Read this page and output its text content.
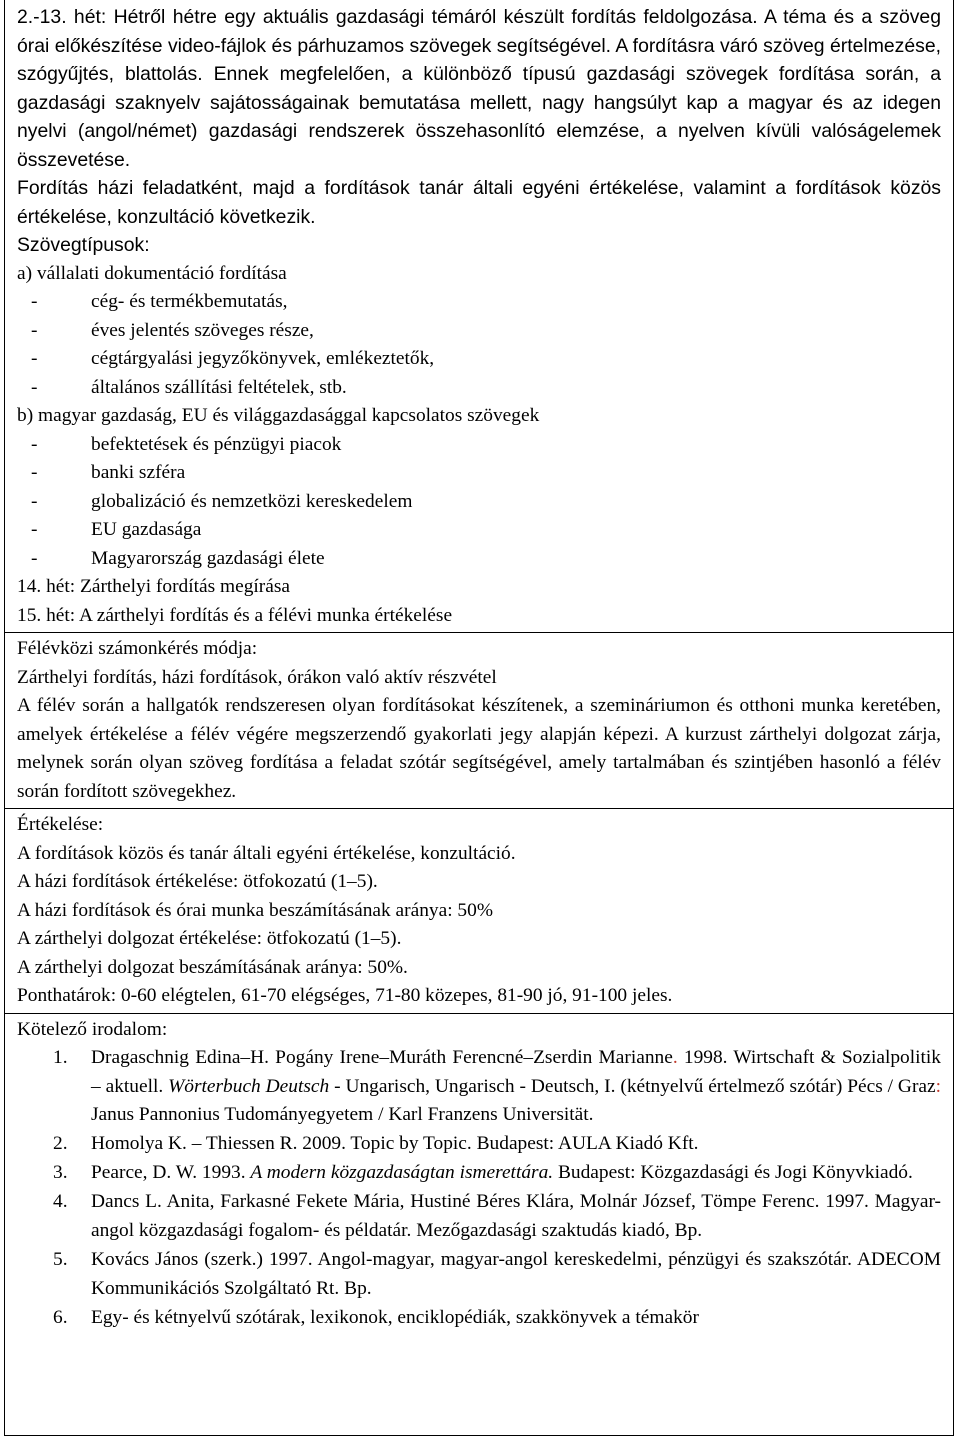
2.-13. hét: Hétről hétre egy aktuális gazdasági témáról készült fordítás feldolgozása. A téma és a szöveg órai előkészítése video-fájlok és párhuzamos szövegek segítségével. A fordításra váró szöveg értelmezése, szógyűjtés, blattolás. Ennek megfelelően, a különböző típusú gazdasági szövegek fordítása során, a gazdasági szaknyelv sajátosságainak bemutatása mellett, nagy hangsúlyt kap a magyar és az idegen nyelvi (angol/német) gazdasági rendszerek összehasonlító elemzése, a nyelven kívüli valóságelemek összevetése.

Fordítás házi feladatként, majd a fordítások tanár általi egyéni értékelése, valamint a fordítások közös értékelése, konzultáció következik.

Szövegtípusok:

a) vállalati dokumentáció fordítása

-	cég- és termékbemutatás,
-	éves jelentés szöveges része,
-	cégtárgyalási jegyzőkönyvek, emlékeztetők,
-	általános szállítási feltételek, stb.

b) magyar gazdaság, EU és világgazdasággal kapcsolatos szövegek

-	befektetések és pénzügyi piacok
-	banki szféra
-	globalizáció és nemzetközi kereskedelem
-	EU gazdasága
-	Magyarország gazdasági élete

14. hét: Zárthelyi fordítás megírása

15. hét: A zárthelyi fordítás és a félévi munka értékelése

Félévközi számonkérés módja:

Zárthelyi fordítás, házi fordítások, órákon való aktív részvétel

A félév során a hallgatók rendszeresen olyan fordításokat készítenek, a szemináriumon és otthoni munka keretében, amelyek értékelése a félév végére megszerzendő gyakorlati jegy alapján képezi. A kurzust zárthelyi dolgozat zárja, melynek során olyan szöveg fordítása a feladat szótár segítségével, amely tartalmában és szintjében hasonló a félév során fordított szövegekhez.

Értékelése:

A fordítások közös és tanár általi egyéni értékelése, konzultáció.

A házi fordítások értékelése: ötfokozatú (1–5).

A házi fordítások és órai munka beszámításának aránya: 50%

A zárthelyi dolgozat értékelése: ötfokozatú (1–5).

A zárthelyi dolgozat beszámításának aránya: 50%.

Ponthatárok: 0-60 elégtelen, 61-70 elégséges, 71-80 közepes, 81-90 jó, 91-100 jeles.

Kötelező irodalom:

1. Dragaschnig Edina–H. Pogány Irene–Muráth Ferencné–Zserdin Marianne. 1998. Wirtschaft & Sozialpolitik – aktuell. Wörterbuch Deutsch - Ungarisch, Ungarisch - Deutsch, I. (kétnyelvű értelmező szótár) Pécs / Graz: Janus Pannonius Tudományegyetem / Karl Franzens Universität.
2. Homolya K. – Thiessen R. 2009. Topic by Topic. Budapest: AULA Kiadó Kft.
3. Pearce, D. W. 1993. A modern közgazdaságtan ismerettára. Budapest: Közgazdasági és Jogi Könyvkiadó.
4. Dancs L. Anita, Farkasné Fekete Mária, Hustiné Béres Klára, Molnár József, Tömpe Ferenc. 1997. Magyar-angol közgazdasági fogalom- és példatár. Mezőgazdasági szaktudás kiadó, Bp.
5. Kovács János (szerk.) 1997. Angol-magyar, magyar-angol kereskedelmi, pénzügyi és szakszótár. ADECOM Kommunikációs Szolgáltató Rt. Bp.
6. Egy- és kétnyelvű szótárak, lexikonok, enciklopédiák, szakkönyvek a témakör
